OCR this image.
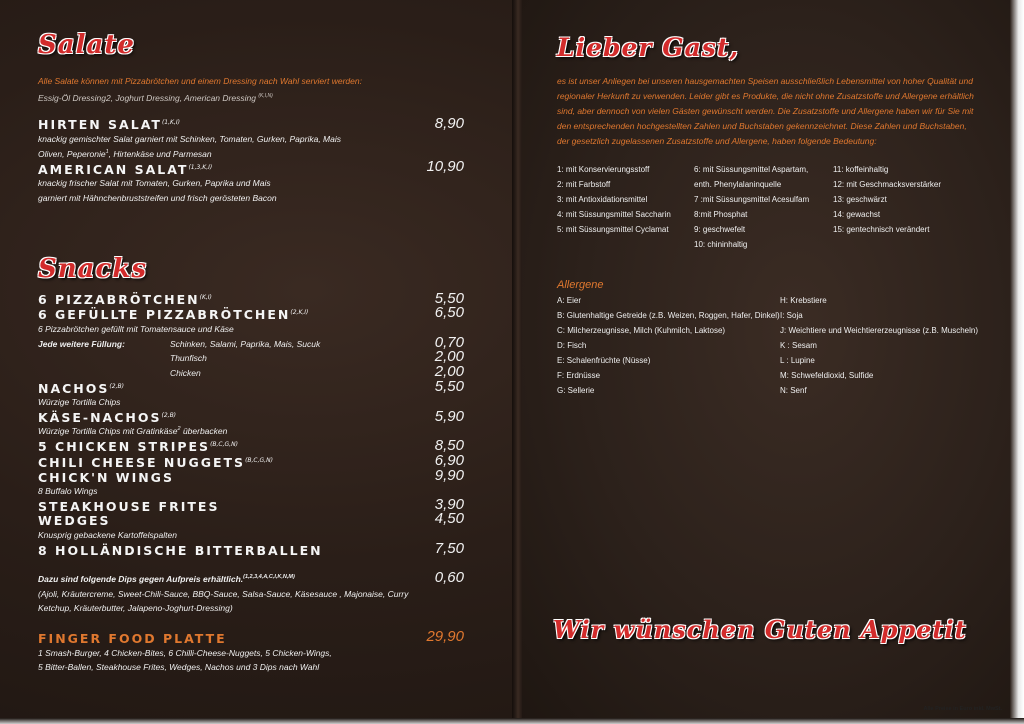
Salate

Alle Salate können mit Pizzabrötchen und einem Dressing nach Wahl serviert werden:

Essig-Öl Dressing2, Joghurt Dressing, American Dressing $^{(K,I,N)}$

HIRTEN $SALAT^{(1,K,I)}$	8,90
knackig gemischter Salat garniert mit Schinken, Tomaten, Gurken, Paprika, Mais
Oliven, Peperonie$^1$, Hirtenkäse und Parmesan
AMERICAN $SALAT^{(1,3,K,I)}$	10,90
knackig frischer Salat mit Tomaten, Gurken, Paprika und Mais
garniert mit Hähnchenbruststreifen und frisch gerösteten Bacon
Snacks
6 $PIZZABRÖTCHEN^{(K,I)}$	5,50
6 GEFÜLLTE $PIZZABRÖTCHEN^{(2,K,I)}$	6,50
6 Pizzabrötchen gefüllt mit Tomatensauce und Käse
Jede weitere Füllung:	Schinken, Salami, Paprika, Mais, Sucuk	0,70
Thunfisch	2,00
Chicken	2,00
$NACHOS^{(2,B)}$	5,50
Würzige Tortilla Chips
KÄSE-$NACHOS^{(2,B)}$	5,90
Würzige Tortilla Chips mit Gratinkäse$^2$ überbacken
5 CHICKEN $STRIPES^{(B,C,G,N)}$	8,50
CHILI CHEESE $NUGGETS^{(B,C,G,N)}$	6,90
CHICK'N WINGS	9,90
8 Buffalo Wings
STEAKHOUSE FRITES	3,90
WEDGES	4,50
Knusprig gebackene Kartoffelspalten
8 HOLLÄNDISCHE BITTERBALLEN	7,50
Dazu sind folgende Dips gegen Aufpreis erhältlich.$^{(1,2,3,4,A,C,I,K,N,M)}$	0,60
(Ajoli, Kräutercreme, Sweet-Chili-Sauce, BBQ-Sauce, Salsa-Sauce, Käsesauce , Majonaise, Curry
Ketchup, Kräuterbutter, Jalapeno-Joghurt-Dressing)
FINGER FOOD PLATTE	29,90
1 Smash-Burger, 4 Chicken-Bites, 6 Chilli-Cheese-Nuggets, 5 Chicken-Wings,
5 Bitter-Ballen, Steakhouse Frites, Wedges, Nachos und 3 Dips nach Wahl
Lieber Gast,
es ist unser Anliegen bei unseren hausgemachten Speisen ausschließlich Lebensmittel von hoher Qualität und
regionaler Herkunft zu verwenden. Leider gibt es Produkte, die nicht ohne Zusatzstoffe und Allergene erhältlich
sind, aber dennoch von vielen Gästen gewünscht werden. Die Zusatzstoffe und Allergene haben wir für Sie mit
den entsprechenden hochgestellten Zahlen und Buchstaben gekennzeichnet. Diese Zahlen und Buchstaben,
der gesetzlich zugelassenen Zusatzstoffe und Allergene, haben folgende Bedeutung:
1: mit Konservierungsstoff
2: mit Farbstoff
3: mit Antioxidationsmittel
4: mit Süssungsmittel Saccharin
5: mit Süssungsmittel Cyclamat
6: mit Süssungsmittel Aspartam,
enth. Phenylalaninquelle
7 :mit Süssungsmittel Acesulfam
8:mit Phosphat
9: geschwefelt
10: chininhaltig
11: koffeinhaltig
12: mit Geschmacksverstärker
13: geschwärzt
14: gewachst
15: gentechnisch verändert
Allergene
A: Eier
B: Glutenhaltige Getreide (z.B. Weizen, Roggen, Hafer, Dinkel)
C: Milcherzeugnisse, Milch (Kuhmilch, Laktose)
D: Fisch
E: Schalenfrüchte (Nüsse)
F: Erdnüsse
G: Sellerie
H: Krebstiere
I: Soja
J: Weichtiere und Weichtiererzeugnisse (z.B. Muscheln)
K : Sesam
L : Lupine
M: Schwefeldioxid, Sulfide
N: Senf
Wir wünschen Guten Appetit
Alle Preise in Euro inkl. MwSt.
